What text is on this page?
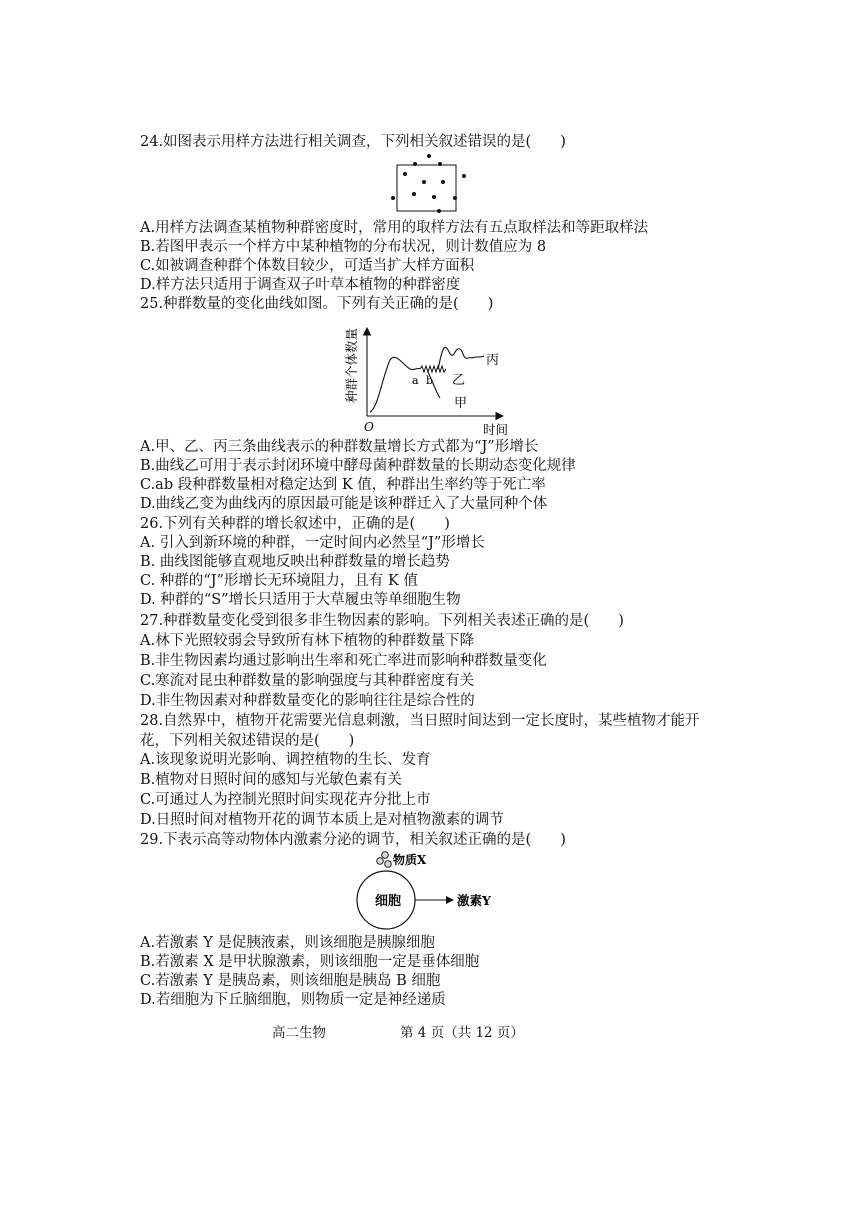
24.如图表示用样方法进行相关调查，下列相关叙述错误的是(　　)
A.用样方法调查某植物种群密度时，常用的取样方法有五点取样法和等距取样法
B.若图甲表示一个样方中某种植物的分布状况，则计数值应为 8
C.如被调查种群个体数目较少，可适当扩大样方面积
D.样方法只适用于调查双子叶草本植物的种群密度
25.种群数量的变化曲线如图。下列有关正确的是(　　)
种群个体数量
O	时间
a b 乙
甲
丙
A.甲、乙、丙三条曲线表示的种群数量增长方式都为“J”形增长
B.曲线乙可用于表示封闭环境中酵母菌种群数量的长期动态变化规律
C.ab 段种群数量相对稳定达到 K 值，种群出生率约等于死亡率
D.曲线乙变为曲线丙的原因最可能是该种群迁入了大量同种个体
26.下列有关种群的增长叙述中，正确的是(　　)
A. 引入到新环境的种群，一定时间内必然呈“J”形增长
B. 曲线图能够直观地反映出种群数量的增长趋势
C. 种群的“J”形增长无环境阻力，且有 K 值
D. 种群的“S”增长只适用于大草履虫等单细胞生物
27.种群数量变化受到很多非生物因素的影响。下列相关表述正确的是(　　)
A.林下光照较弱会导致所有林下植物的种群数量下降
B.非生物因素均通过影响出生率和死亡率进而影响种群数量变化
C.寒流对昆虫种群数量的影响强度与其种群密度有关
D.非生物因素对种群数量变化的影响往往是综合性的
28.自然界中，植物开花需要光信息刺激，当日照时间达到一定长度时，某些植物才能开
花，下列相关叙述错误的是(　　)
A.该现象说明光影响、调控植物的生长、发育
B.植物对日照时间的感知与光敏色素有关
C.可通过人为控制光照时间实现花卉分批上市
D.日照时间对植物开花的调节本质上是对植物激素的调节
29.下表示高等动物体内激素分泌的调节，相关叙述正确的是(　　)
物质X
细胞	激素Y
A.若激素 Y 是促胰液素，则该细胞是胰腺细胞
B.若激素 X 是甲状腺激素，则该细胞一定是垂体细胞
C.若激素 Y 是胰岛素，则该细胞是胰岛 B 细胞
D.若细胞为下丘脑细胞，则物质一定是神经递质
高二生物	第 4 页（共 12 页）
